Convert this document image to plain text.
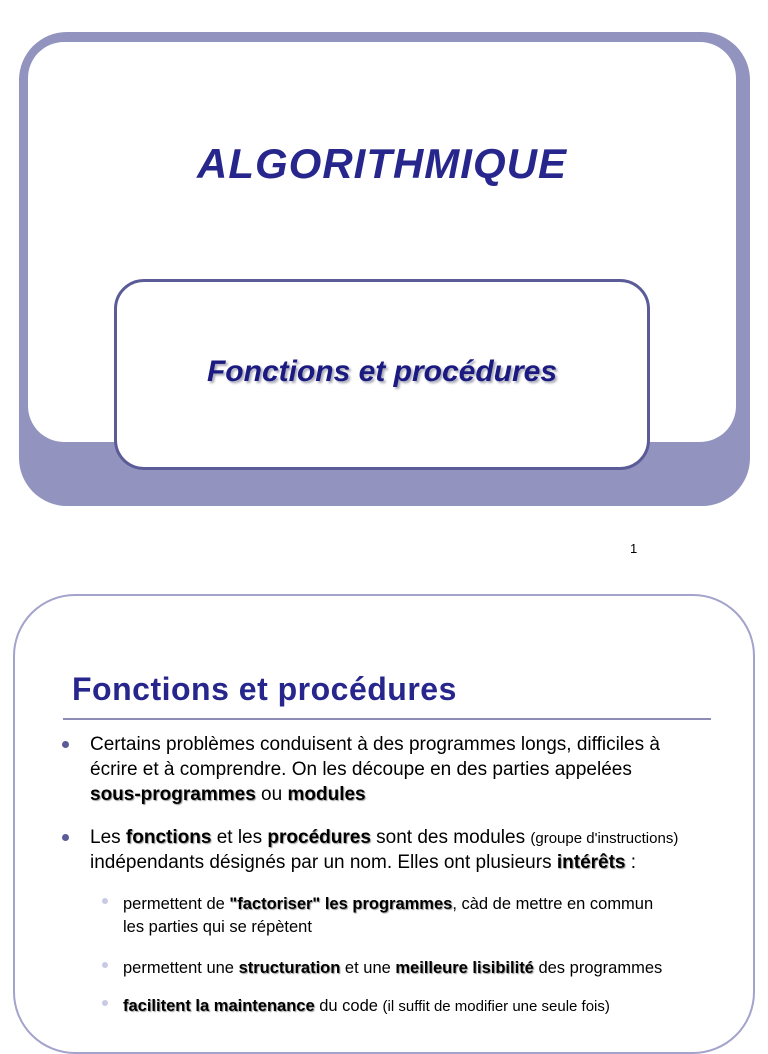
ALGORITHMIQUE
Fonctions et procédures
1
Fonctions et procédures
Certains problèmes conduisent à des programmes longs, difficiles à
écrire et à comprendre. On les découpe en des parties appelées
sous-programmes ou modules
Les fonctions et les procédures sont des modules (groupe d'instructions)
indépendants désignés par un nom. Elles ont plusieurs intérêts :
permettent de "factoriser" les programmes, càd de mettre en commun
les parties qui se répètent
permettent une structuration et une meilleure lisibilité des programmes
facilitent la maintenance du code (il suffit de modifier une seule fois)
